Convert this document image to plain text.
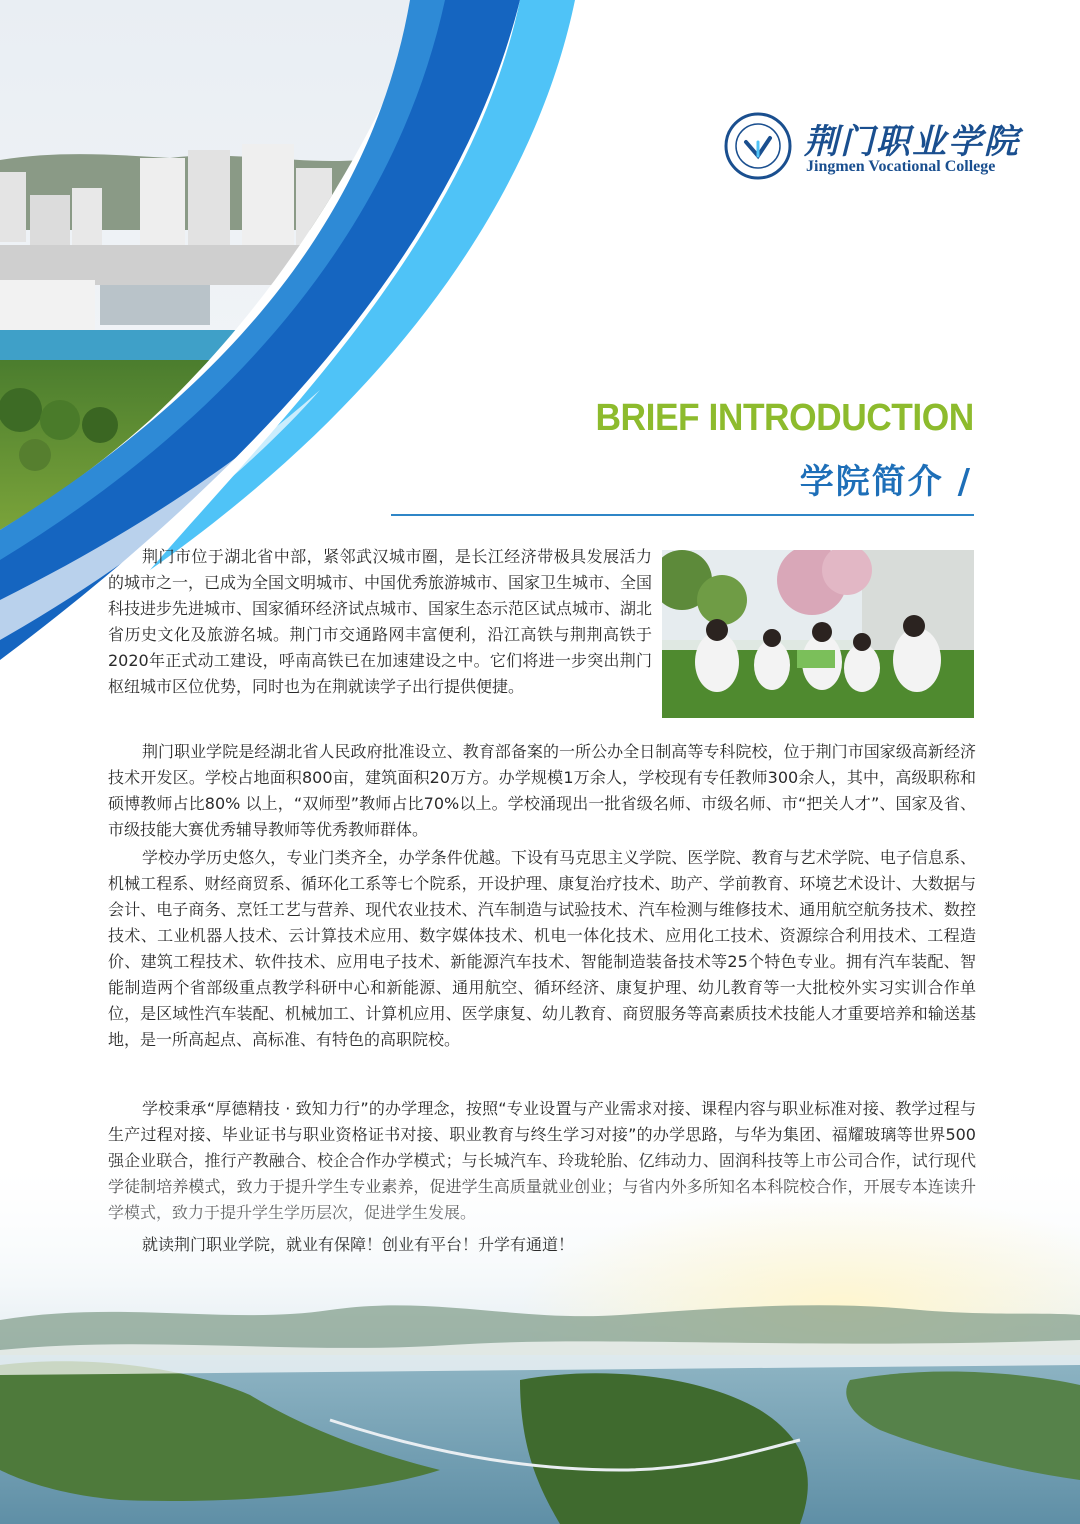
荆门职业学院
Jingmen Vocational College
BRIEF INTRODUCTION
学院简介 /

荆门市位于湖北省中部，紧邻武汉城市圈，是长江经济带极具发展活力的城市之一，已成为全国文明城市、中国优秀旅游城市、国家卫生城市、全国科技进步先进城市、国家循环经济试点城市、国家生态示范区试点城市、湖北省历史文化及旅游名城。荆门市交通路网丰富便利，沿江高铁与荆荆高铁于2020年正式动工建设，呼南高铁已在加速建设之中。它们将进一步突出荆门枢纽城市区位优势，同时也为在荆就读学子出行提供便捷。

荆门职业学院是经湖北省人民政府批准设立、教育部备案的一所公办全日制高等专科院校，位于荆门市国家级高新经济技术开发区。学校占地面积800亩，建筑面积20万方。办学规模1万余人，学校现有专任教师300余人，其中，高级职称和硕博教师占比80% 以上，“双师型”教师占比70%以上。学校涌现出一批省级名师、市级名师、市“把关人才”、国家及省、市级技能大赛优秀辅导教师等优秀教师群体。

学校办学历史悠久，专业门类齐全，办学条件优越。下设有马克思主义学院、医学院、教育与艺术学院、电子信息系、机械工程系、财经商贸系、循环化工系等七个院系，开设护理、康复治疗技术、助产、学前教育、环境艺术设计、大数据与会计、电子商务、烹饪工艺与营养、现代农业技术、汽车制造与试验技术、汽车检测与维修技术、通用航空航务技术、数控技术、工业机器人技术、云计算技术应用、数字媒体技术、机电一体化技术、应用化工技术、资源综合利用技术、工程造价、建筑工程技术、软件技术、应用电子技术、新能源汽车技术、智能制造装备技术等25个特色专业。拥有汽车装配、智能制造两个省部级重点教学科研中心和新能源、通用航空、循环经济、康复护理、幼儿教育等一大批校外实习实训合作单位，是区域性汽车装配、机械加工、计算机应用、医学康复、幼儿教育、商贸服务等高素质技术技能人才重要培养和输送基地，是一所高起点、高标准、有特色的高职院校。

学校秉承“厚德精技 · 致知力行”的办学理念，按照“专业设置与产业需求对接、课程内容与职业标准对接、教学过程与生产过程对接、毕业证书与职业资格证书对接、职业教育与终生学习对接”的办学思路，与华为集团、福耀玻璃等世界500

就读荆门职业学院，就业有保障！创业有平台！升学有通道！
